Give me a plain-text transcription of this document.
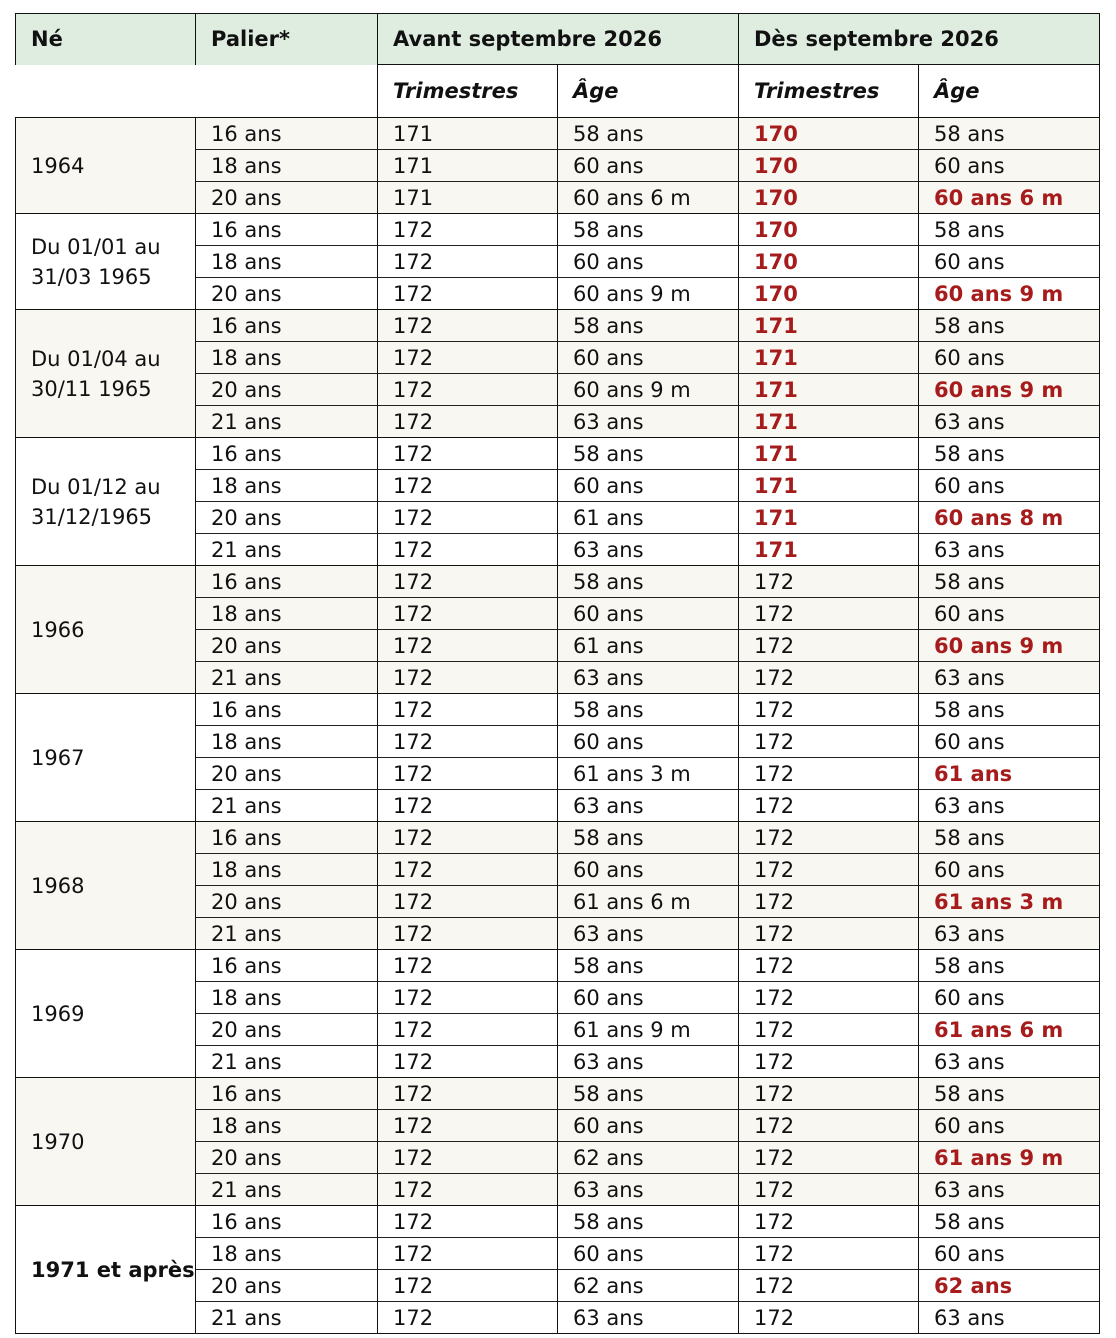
Né	Palier*	Avant septembre 2026		Dès septembre 2026	
		Trimestres	Âge	Trimestres	Âge
1964	16 ans	171	58 ans	170	58 ans
	18 ans	171	60 ans	170	60 ans
	20 ans	171	60 ans 6 m	170	60 ans 6 m
Du 01/01 au 31/03 1965	16 ans	172	58 ans	170	58 ans
	18 ans	172	60 ans	170	60 ans
	20 ans	172	60 ans 9 m	170	60 ans 9 m
Du 01/04 au 30/11 1965	16 ans	172	58 ans	171	58 ans
	18 ans	172	60 ans	171	60 ans
	20 ans	172	60 ans 9 m	171	60 ans 9 m
	21 ans	172	63 ans	171	63 ans
Du 01/12 au 31/12/1965	16 ans	172	58 ans	171	58 ans
	18 ans	172	60 ans	171	60 ans
	20 ans	172	61 ans	171	60 ans 8 m
	21 ans	172	63 ans	171	63 ans
1966	16 ans	172	58 ans	172	58 ans
	18 ans	172	60 ans	172	60 ans
	20 ans	172	61 ans	172	60 ans 9 m
	21 ans	172	63 ans	172	63 ans
1967	16 ans	172	58 ans	172	58 ans
	18 ans	172	60 ans	172	60 ans
	20 ans	172	61 ans 3 m	172	61 ans
	21 ans	172	63 ans	172	63 ans
1968	16 ans	172	58 ans	172	58 ans
	18 ans	172	60 ans	172	60 ans
	20 ans	172	61 ans 6 m	172	61 ans 3 m
	21 ans	172	63 ans	172	63 ans
1969	16 ans	172	58 ans	172	58 ans
	18 ans	172	60 ans	172	60 ans
	20 ans	172	61 ans 9 m	172	61 ans 6 m
	21 ans	172	63 ans	172	63 ans
1970	16 ans	172	58 ans	172	58 ans
	18 ans	172	60 ans	172	60 ans
	20 ans	172	62 ans	172	61 ans 9 m
	21 ans	172	63 ans	172	63 ans
1971 et après	16 ans	172	58 ans	172	58 ans
	18 ans	172	60 ans	172	60 ans
	20 ans	172	62 ans	172	62 ans
	21 ans	172	63 ans	172	63 ans
